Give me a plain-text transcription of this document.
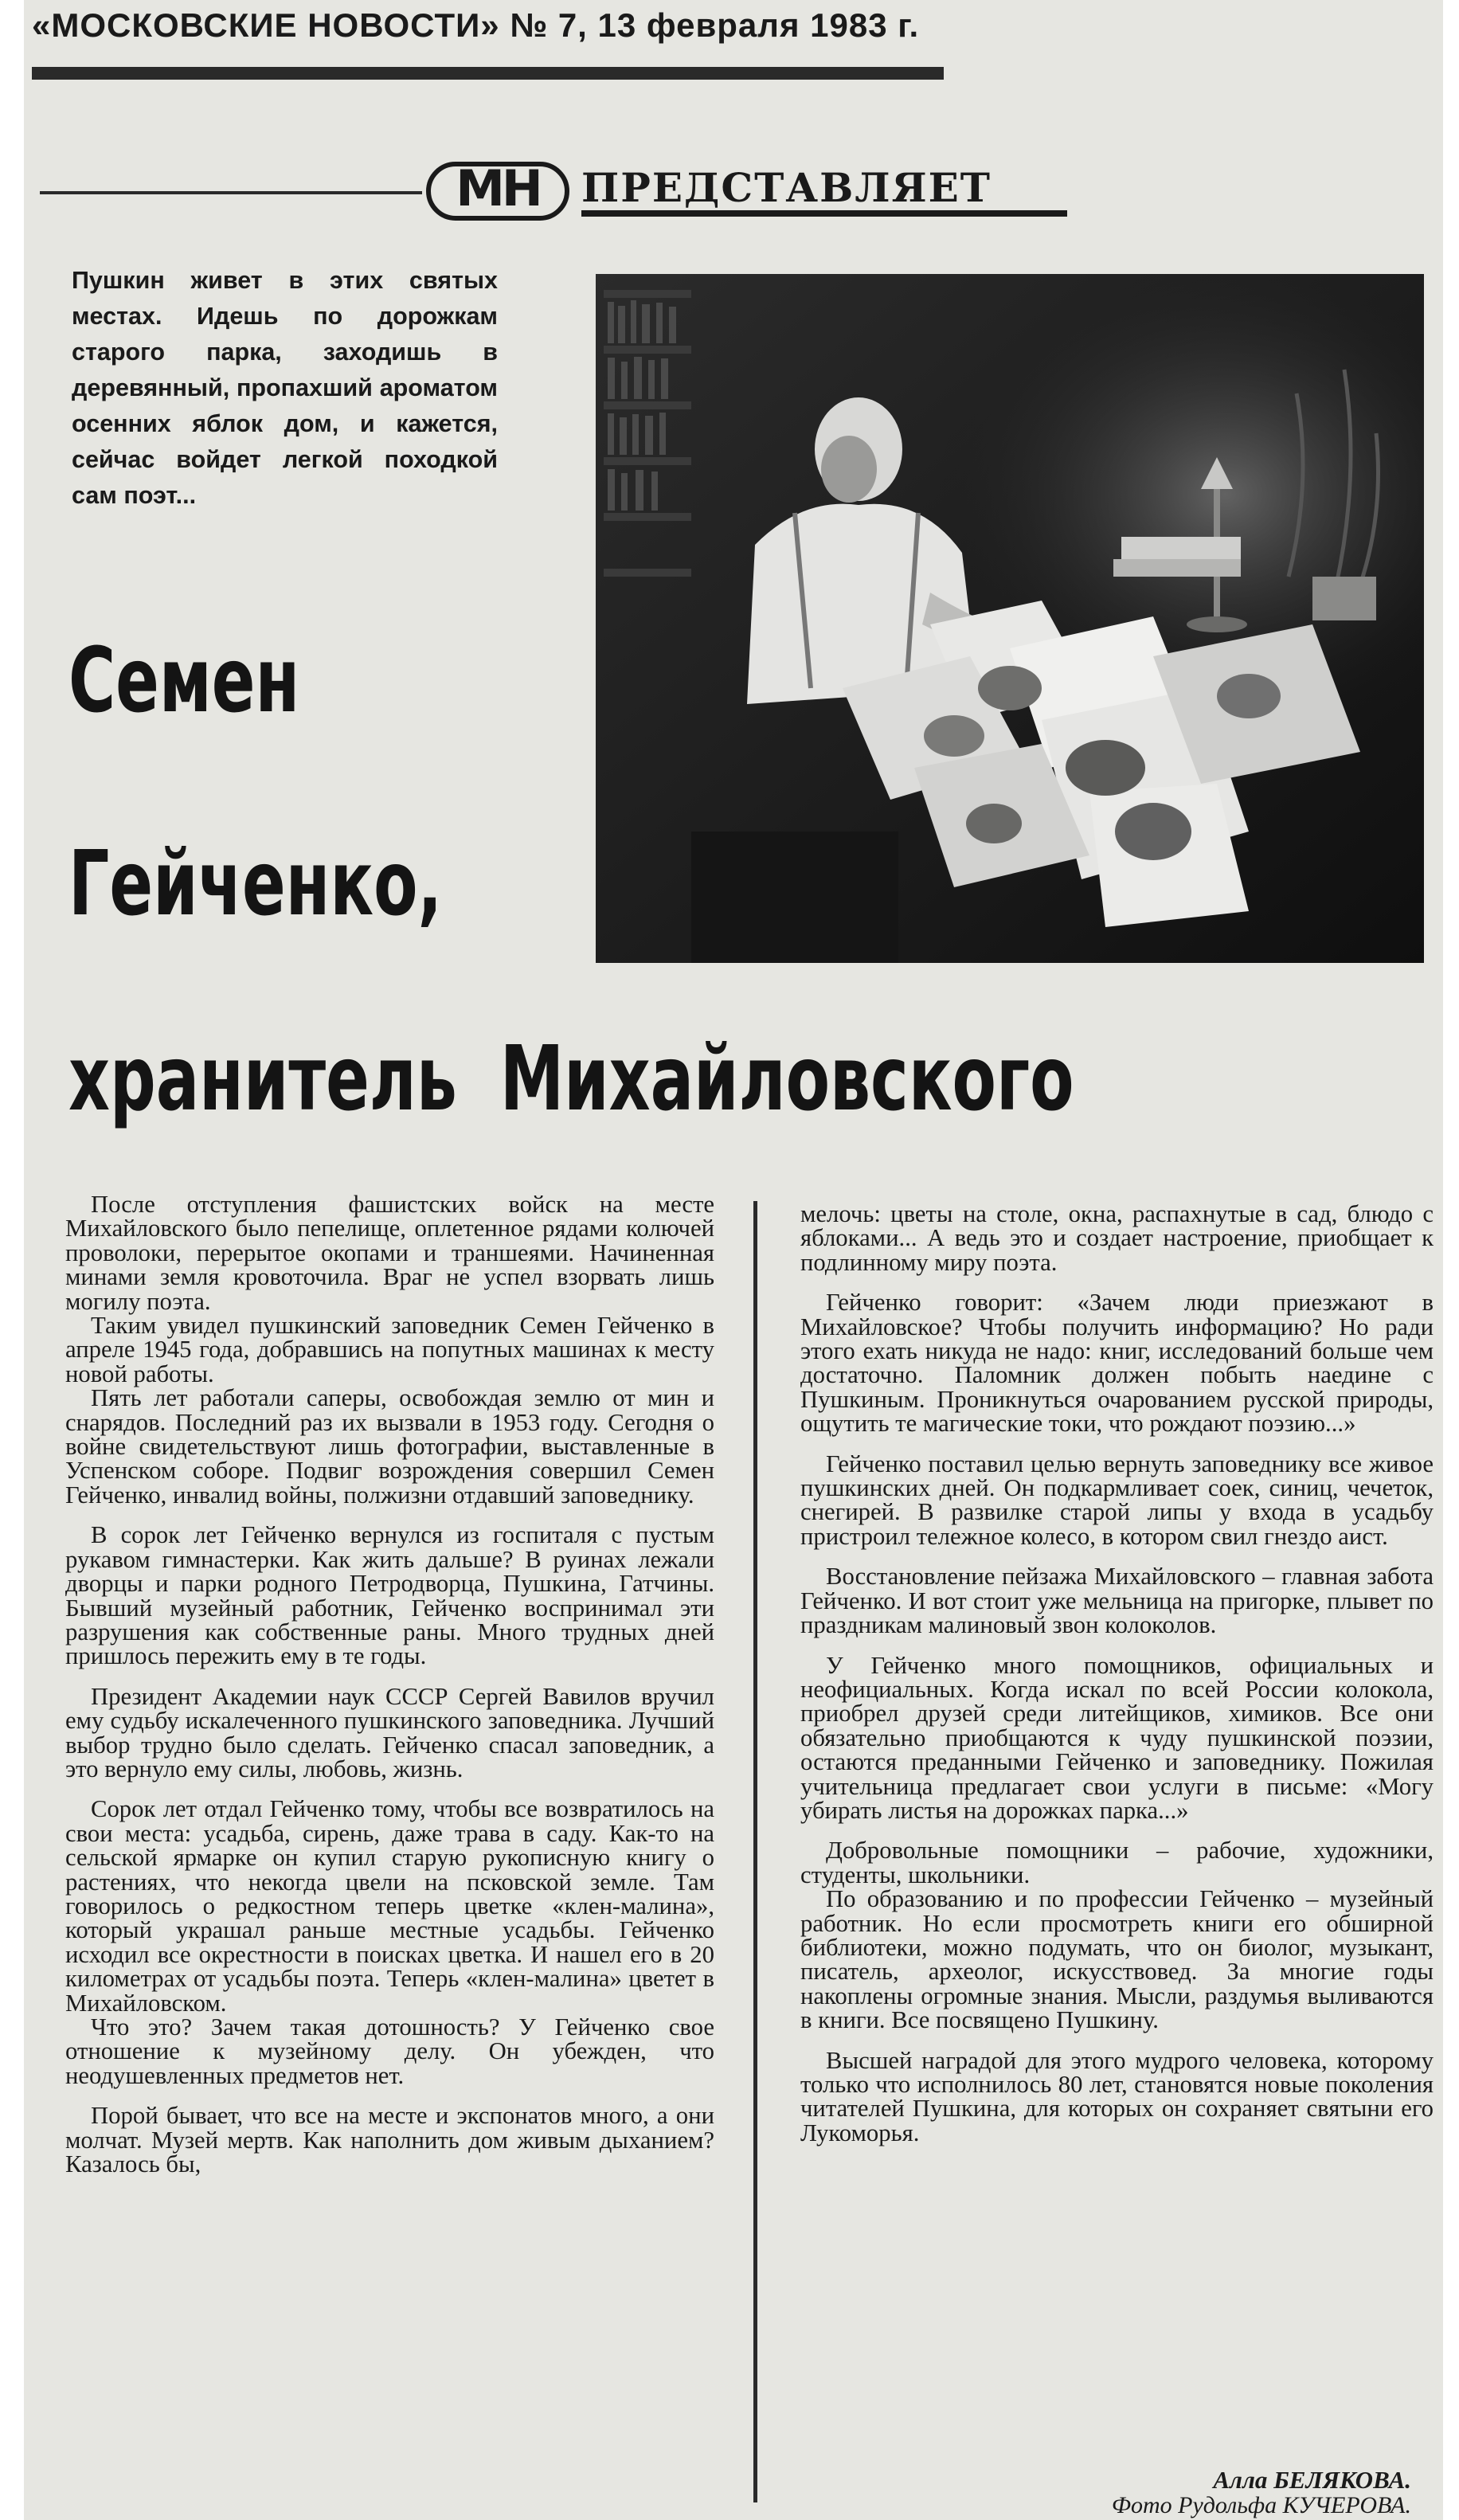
«МОСКОВСКИЕ НОВОСТИ» № 7, 13 февраля 1983 г.
МН	ПРЕДСТАВЛЯЕТ
Пушкин живет в этих святых местах. Идешь по дорожкам старого парка, заходишь в деревянный, пропахший ароматом осенних яблок дом, и кажется, сейчас войдет легкой походкой сам поэт...
Семен
Гейченко,
хранитель Михайловского

После отступления фашистских войск на месте Михайловского было пепелище, оплетенное рядами колючей проволоки, перерытое окопами и траншеями. Начиненная минами земля кровоточила. Враг не успел взорвать лишь могилу поэта.

Таким увидел пушкинский заповедник Семен Гейченко в апреле 1945 года, добравшись на попутных машинах к месту новой работы.

Пять лет работали саперы, освобождая землю от мин и снарядов. Последний раз их вызвали в 1953 году. Сегодня о войне свидетельствуют лишь фотографии, выставленные в Успенском соборе. Подвиг возрождения совершил Семен Гейченко, инвалид войны, полжизни отдавший заповеднику.

В сорок лет Гейченко вернулся из госпиталя с пустым рукавом гимнастерки. Как жить дальше? В руинах лежали дворцы и парки родного Петродворца, Пушкина, Гатчины. Бывший музейный работник, Гейченко воспринимал эти разрушения как собственные раны. Много трудных дней пришлось пережить ему в те годы.

Президент Академии наук СССР Сергей Вавилов вручил ему судьбу искалеченного пушкинского заповедника. Лучший выбор трудно было сделать. Гейченко спасал заповедник, а это вернуло ему силы, любовь, жизнь.

Сорок лет отдал Гейченко тому, чтобы все возвратилось на свои места: усадьба, сирень, даже трава в саду. Как-то на сельской ярмарке он купил старую рукописную книгу о растениях, что некогда цвели на псковской земле. Там говорилось о редкостном теперь цветке «клен-малина», который украшал раньше местные усадьбы. Гейченко исходил все окрестности в поисках цветка. И нашел его в 20 километрах от усадьбы поэта. Теперь «клен-малина» цветет в Михайловском.

Что это? Зачем такая дотошность? У Гейченко свое отношение к музейному делу. Он убежден, что неодушевленных предметов нет.

Порой бывает, что все на месте и экспонатов много, а они молчат. Музей мертв. Как наполнить дом живым дыханием? Казалось бы,

мелочь: цветы на столе, окна, распахнутые в сад, блюдо с яблоками... А ведь это и создает настроение, приобщает к подлинному миру поэта.

Гейченко говорит: «Зачем люди приезжают в Михайловское? Чтобы получить информацию? Но ради этого ехать никуда не надо: книг, исследований больше чем достаточно. Паломник должен побыть наедине с Пушкиным. Проникнуться очарованием русской природы, ощутить те магические токи, что рождают поэзию...»

Гейченко поставил целью вернуть заповеднику все живое пушкинских дней. Он подкармливает соек, синиц, чечеток, снегирей. В развилке старой липы у входа в усадьбу пристроил тележное колесо, в котором свил гнездо аист.

Восстановление пейзажа Михайловского – главная забота Гейченко. И вот стоит уже мельница на пригорке, плывет по праздникам малиновый звон колоколов.

У Гейченко много помощников, официальных и неофициальных. Когда искал по всей России колокола, приобрел друзей среди литейщиков, химиков. Все они обязательно приобщаются к чуду пушкинской поэзии, остаются преданными Гейченко и заповеднику. Пожилая учительница предлагает свои услуги в письме: «Могу убирать листья на дорожках парка...»

Добровольные помощники – рабочие, художники, студенты, школьники.

По образованию и по профессии Гейченко – музейный работник. Но если просмотреть книги его обширной библиотеки, можно подумать, что он биолог, музыкант, писатель, археолог, искусствовед. За многие годы накоплены огромные знания. Мысли, раздумья выливаются в книги. Все посвящено Пушкину.

Высшей наградой для этого мудрого человека, которому только что исполнилось 80 лет, становятся новые поколения читателей Пушкина, для которых он сохраняет святыни его Лукоморья.

Алла БЕЛЯКОВА.
Фото Рудольфа КУЧЕРОВА.
